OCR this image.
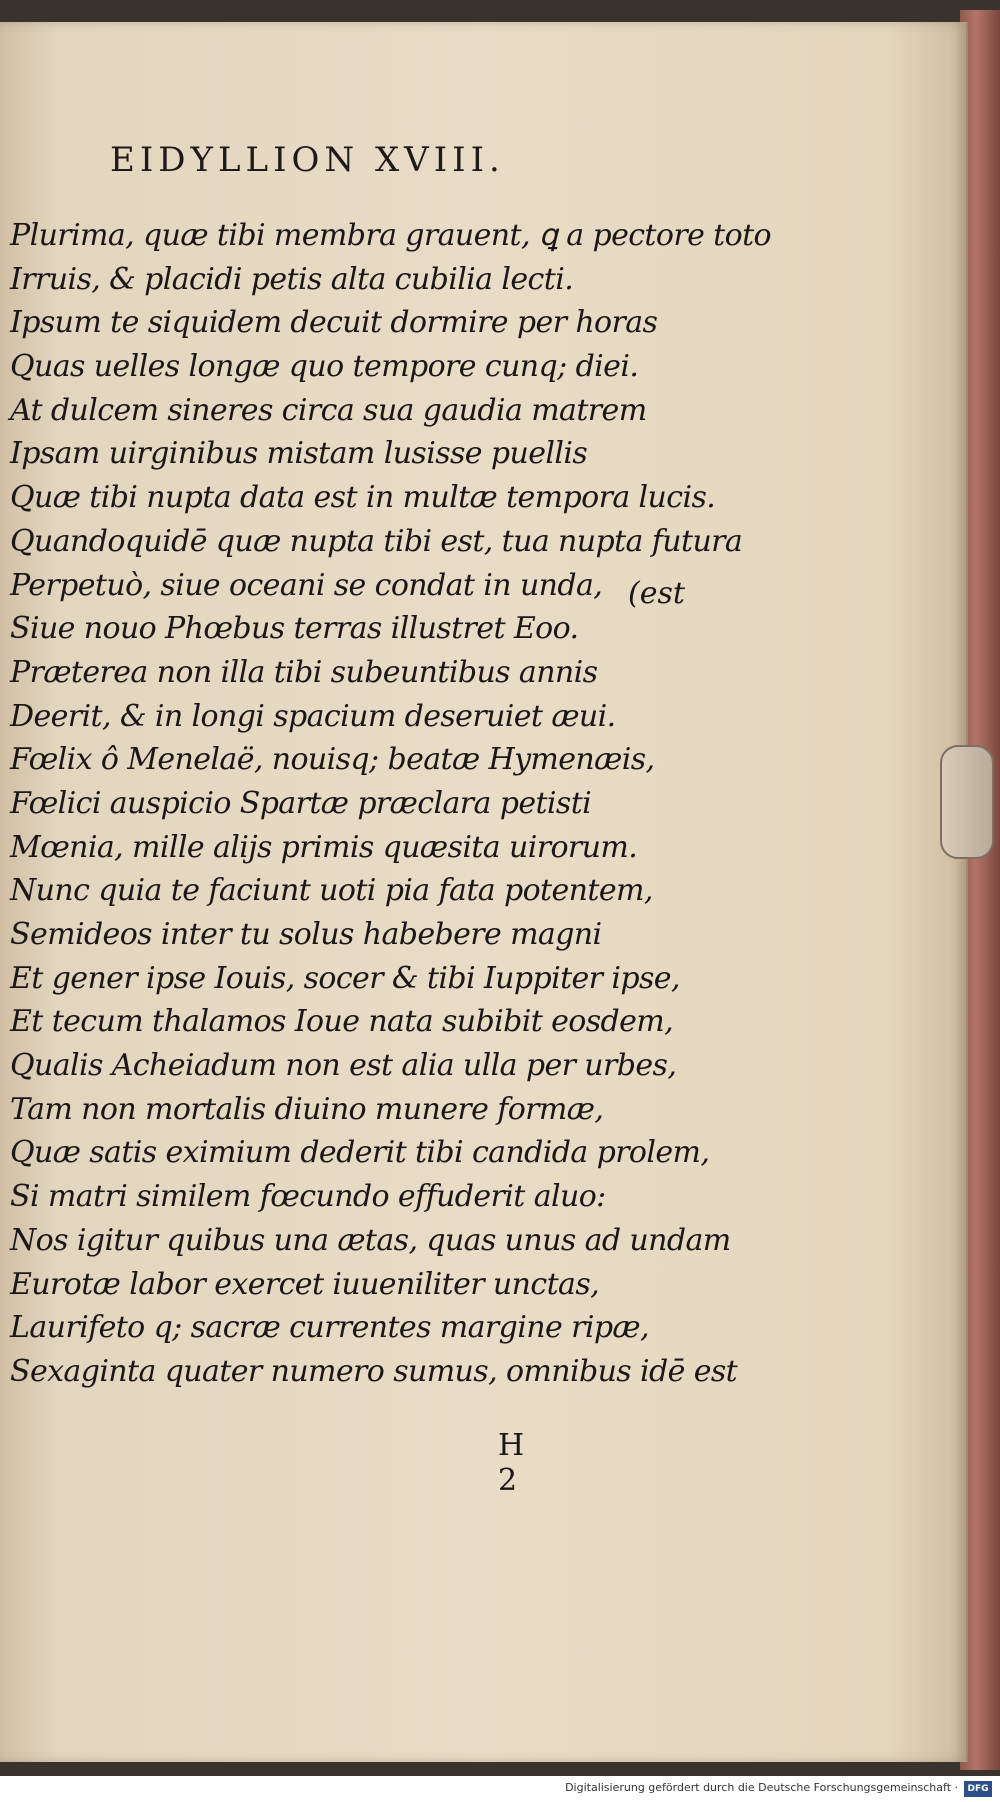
EIDYLLION XVIII.
Plurima, quæ tibi membra grauent, ꝗ a pectore toto
Irruis, & placidi petis alta cubilia lecti.
Ipsum te siquidem decuit dormire per horas
Quas uelles longæ quo tempore cunq; diei.
At dulcem sineres circa sua gaudia matrem
Ipsam uirginibus mistam lusisse puellis
Quæ tibi nupta data est in multæ tempora lucis.
Quandoquidē quæ nupta tibi est, tua nupta futura
Perpetuò, siue oceani se condat in unda,
Siue nouo Phœbus terras illustret Eoo.
Præterea non illa tibi subeuntibus annis
Deerit, & in longi spacium deseruiet æui.
Fœlix ô Menelaë, nouisq; beatæ Hymenæis,
Fœlici auspicio Spartæ præclara petisti
Mœnia, mille alijs primis quæsita uirorum.
Nunc quia te faciunt uoti pia fata potentem,
Semideos inter tu solus habebere magni
Et gener ipse Iouis, socer & tibi Iuppiter ipse,
Et tecum thalamos Ioue nata subibit eosdem,
Qualis Acheiadum non est alia ulla per urbes,
Tam non mortalis diuino munere formæ,
Quæ satis eximium dederit tibi candida prolem,
Si matri similem fœcundo effuderit aluo:
Nos igitur quibus una ætas, quas unus ad undam
Eurotæ labor exercet iuueniliter unctas,
Laurifeto q; sacræ currentes margine ripæ,
Sexaginta quater numero sumus, omnibus idē est
(est
H 2
Digitalisierung gefördert durch die Deutsche Forschungsgemeinschaft ·	DFG
